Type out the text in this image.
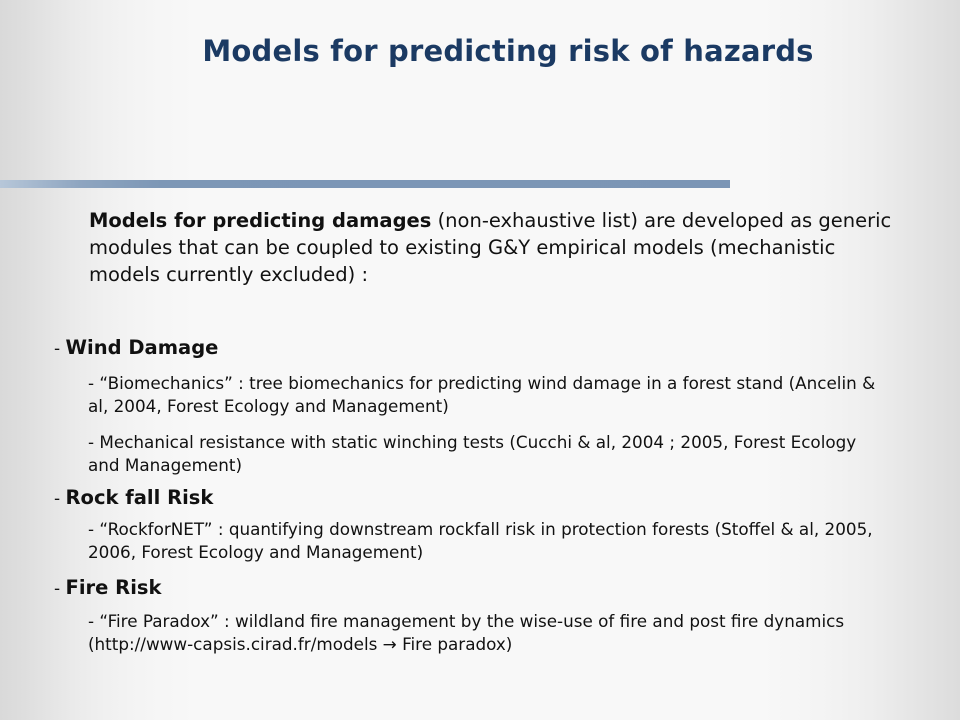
Models for predicting risk of hazards

Models for predicting damages (non-exhaustive list) are developed as generic modules that can be coupled to existing G&Y empirical models (mechanistic models currently excluded) :

- Wind Damage

- “Biomechanics” : tree biomechanics for predicting wind damage in a forest stand (Ancelin & al, 2004, Forest Ecology and Management)

- Mechanical resistance with static winching tests (Cucchi & al, 2004 ; 2005, Forest Ecology and Management)

- Rock fall Risk

- “RockforNET” : quantifying downstream rockfall risk in protection forests (Stoffel & al, 2005, 2006, Forest Ecology and Management)

- Fire Risk

- “Fire Paradox” : wildland fire management by the wise-use of fire and post fire dynamics (http://www-capsis.cirad.fr/models → Fire paradox)
